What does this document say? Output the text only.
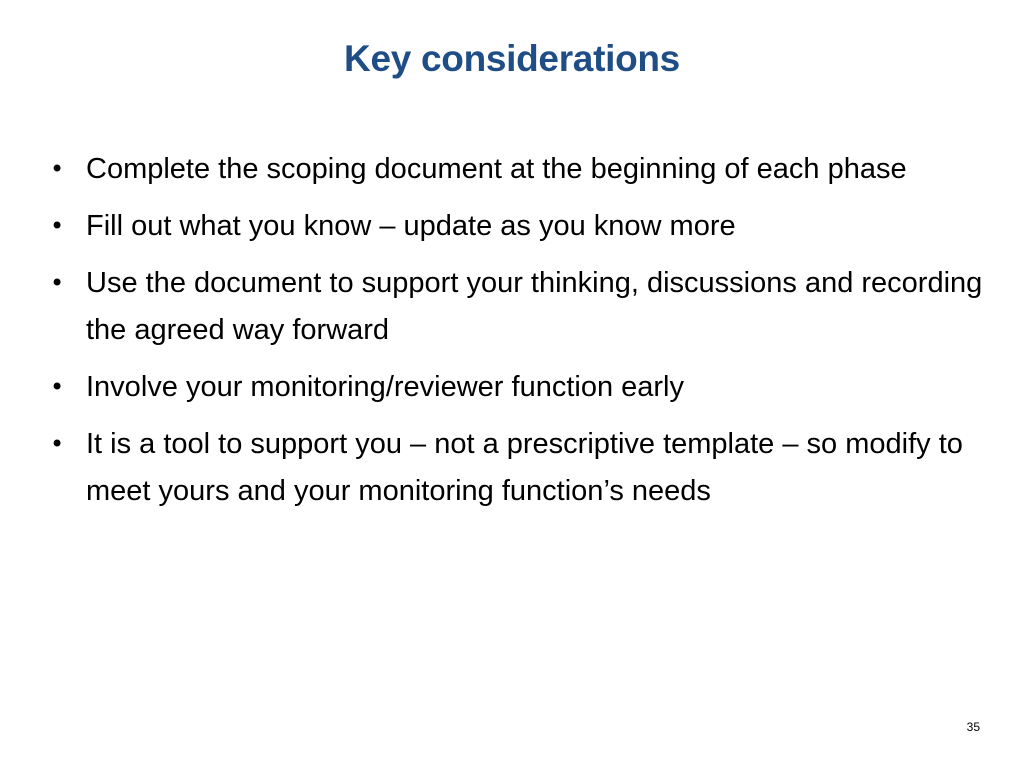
Key considerations
• Complete the scoping document at the beginning of each phase
• Fill out what you know – update as you know more
• Use the document to support your thinking, discussions and recording the agreed way forward
• Involve your monitoring/reviewer function early
• It is a tool to support you – not a prescriptive template – so modify to meet yours and your monitoring function’s needs
35
